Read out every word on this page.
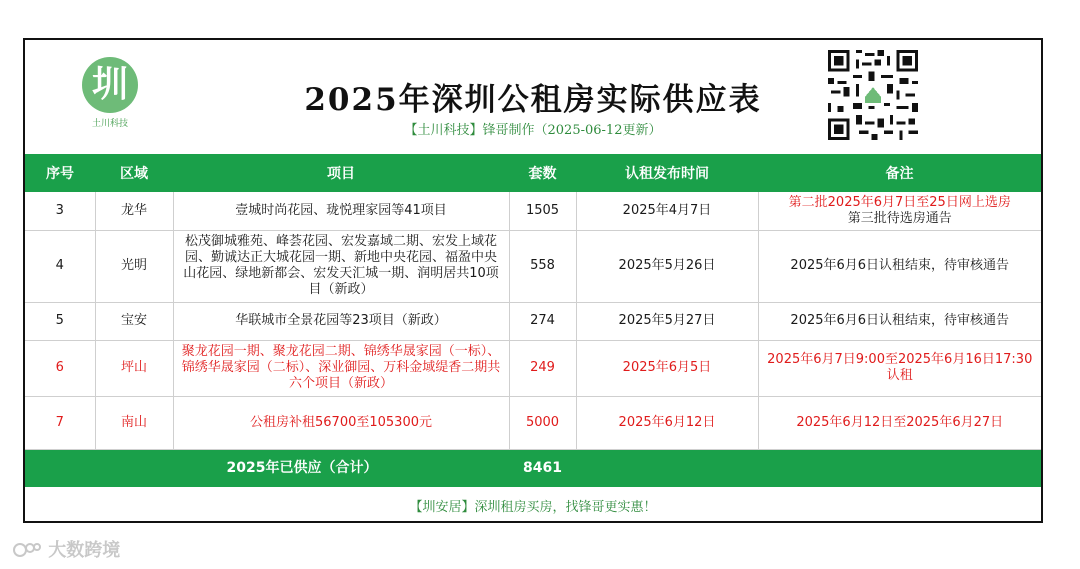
圳
土川科技
2025年深圳公租房实际供应表
【土川科技】锋哥制作（2025-06-12更新）
序号	区域	项目	套数	认租发布时间	备注
3	龙华	壹城时尚花园、珑悦理家园等41项目	1505	2025年4月7日	第二批2025年6月7日至25日网上选房
第三批待选房通告

4	光明	松茂御城雅苑、峰荟花园、宏发嘉域二期、宏发上域花园、勤诚达正大城花园一期、新地中央花园、福盈中央山花园、绿地新都会、宏发天汇城一期、润明居共10项目（新政）	558	2025年5月26日	2025年6月6日认租结束，待审核通告
5	宝安	华联城市全景花园等23项目（新政）	274	2025年5月27日	2025年6月6日认租结束，待审核通告
6	坪山	聚龙花园一期、聚龙花园二期、锦绣华晟家园（一标）、锦绣华晟家园（二标）、深业御园、万科金域缇香二期共六个项目（新政）	249	2025年6月5日	2025年6月7日9:00至2025年6月16日17:30认租
7	南山	公租房补租56700至105300元	5000	2025年6月12日	2025年6月12日至2025年6月27日
	2025年已供应（合计）		8461		
【圳安居】深圳租房买房，找锋哥更实惠！
大数跨境
